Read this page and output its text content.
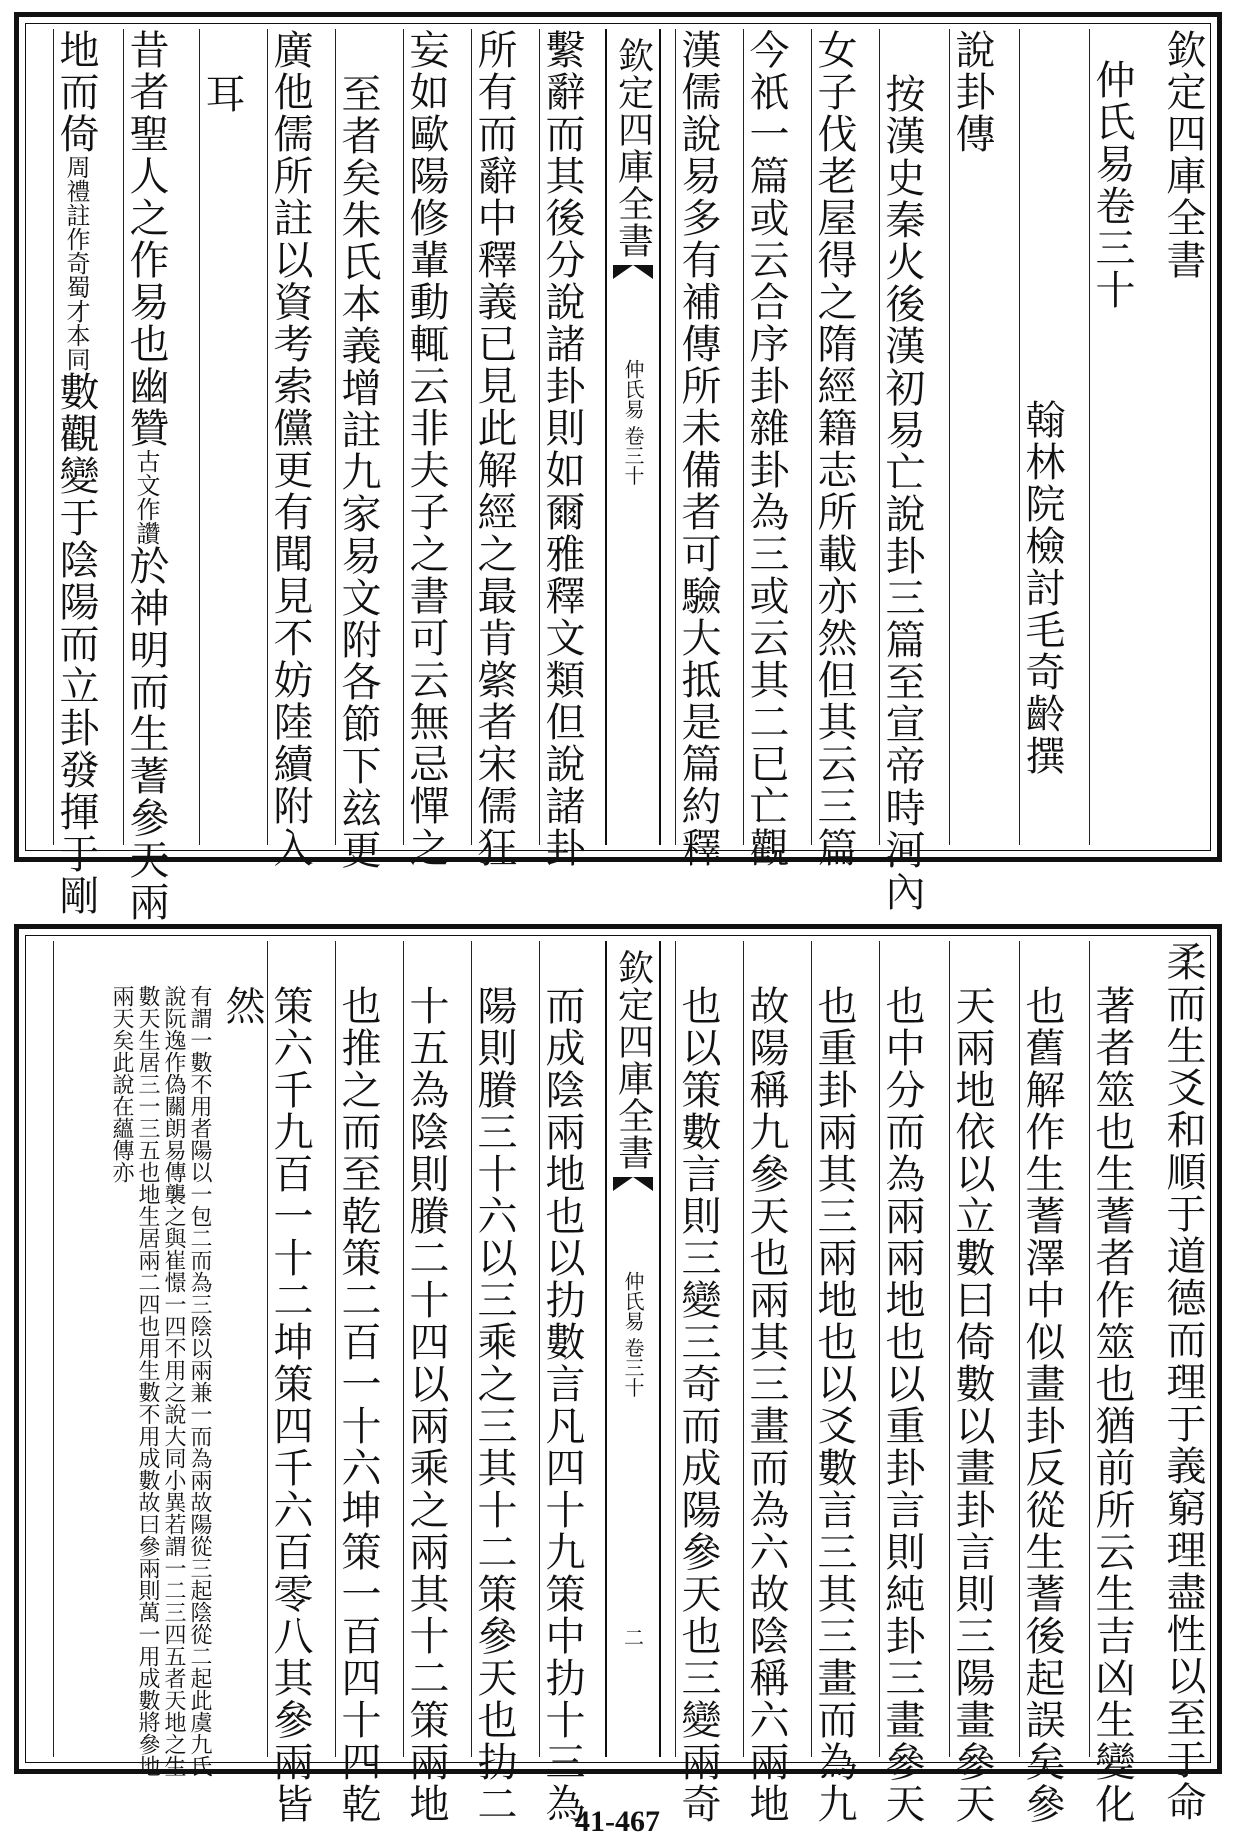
欽定四庫全書
仲氏易卷三十
翰林院檢討毛奇齡撰
說卦傳
按漢史秦火後漢初易亡說卦三篇至宣帝時河內
女子伐老屋得之隋經籍志所載亦然但其云三篇
今祇一篇或云合序卦雜卦為三或云其二已亡觀
漢儒說易多有補傳所未備者可驗大抵是篇約釋
欽定四庫全書
仲氏易 卷三十
繫辭而其後分說諸卦則如爾雅釋文類但說諸卦
所有而辭中釋義已見此解經之最肯綮者宋儒狂
妄如歐陽修輩動輒云非夫子之書可云無忌憚之
至者矣朱氏本義增註九家易文附各節下玆更
廣他儒所註以資考索儻更有聞見不妨陸續附入
耳
昔者聖人之作易也幽贊
古文作讚
於神明而生蓍參天兩
地而倚
周禮註作奇蜀才本同
數觀變于陰陽而立卦發揮于剛
柔而生爻和順于道德而理于義窮理盡性以至于命
著者筮也生蓍者作筮也猶前所云生吉凶生變化
也舊解作生蓍澤中似畫卦反從生蓍後起誤矣參
天兩地依以立數曰倚數以畫卦言則三陽畫參天
也中分而為兩兩地也以重卦言則純卦三畫參天
也重卦兩其三兩地也以爻數言三其三畫而為九
故陽稱九參天也兩其三畫而為六故陰稱六兩地
也以策數言則三變三奇而成陽參天也三變兩奇
欽定四庫全書
仲氏易 卷三十
二
而成陰兩地也以扐數言凡四十九策中扐十三為
陽則賸三十六以三乘之三其十二策參天也扐二
十五為陰則賸二十四以兩乘之兩其十二策兩地
也推之而至乾策二百一十六坤策一百四十四乾
策六千九百一十二坤策四千六百零八其參兩皆
然
有謂一數不用者陽以一包二而為三陰以兩兼一而為兩故陽從三起陰從二起此虞九氏說阮逸作偽關朗易傳襲之與崔憬一四不用之說大同小異若謂一二三四五者天地之生數天生居三一三五也地生居兩二四也用生數不用成數故曰參兩則萬一用成數將參地兩天矣此說在蘊傳亦
41-467
